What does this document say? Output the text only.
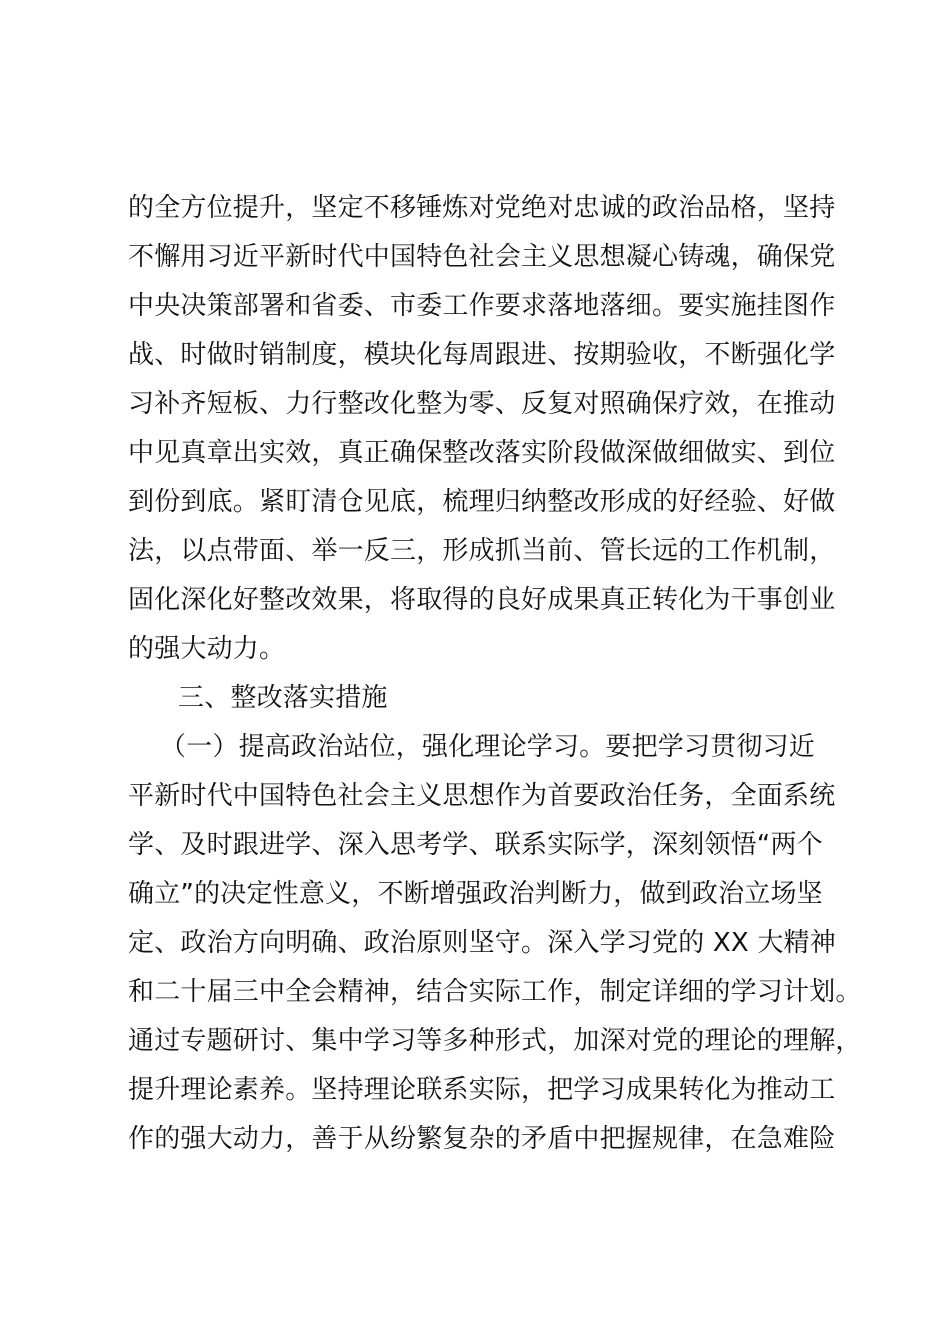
的全方位提升，坚定不移锤炼对党绝对忠诚的政治品格，坚持
不懈用习近平新时代中国特色社会主义思想凝心铸魂，确保党
中央决策部署和省委、市委工作要求落地落细。要实施挂图作
战、时做时销制度，模块化每周跟进、按期验收，不断强化学
习补齐短板、力行整改化整为零、反复对照确保疗效，在推动
中见真章出实效，真正确保整改落实阶段做深做细做实、到位
到份到底。紧盯清仓见底，梳理归纳整改形成的好经验、好做
法，以点带面、举一反三，形成抓当前、管长远的工作机制，
固化深化好整改效果，将取得的良好成果真正转化为干事创业
的强大动力。
三、整改落实措施
（一）提高政治站位，强化理论学习。要把学习贯彻习近
平新时代中国特色社会主义思想作为首要政治任务，全面系统
学、及时跟进学、深入思考学、联系实际学，深刻领悟“两个
确立”的决定性意义，不断增强政治判断力，做到政治立场坚
定、政治方向明确、政治原则坚守。深入学习党的 XX 大精神
和二十届三中全会精神，结合实际工作，制定详细的学习计划。
通过专题研讨、集中学习等多种形式，加深对党的理论的理解，
提升理论素养。坚持理论联系实际，把学习成果转化为推动工
作的强大动力，善于从纷繁复杂的矛盾中把握规律，在急难险
